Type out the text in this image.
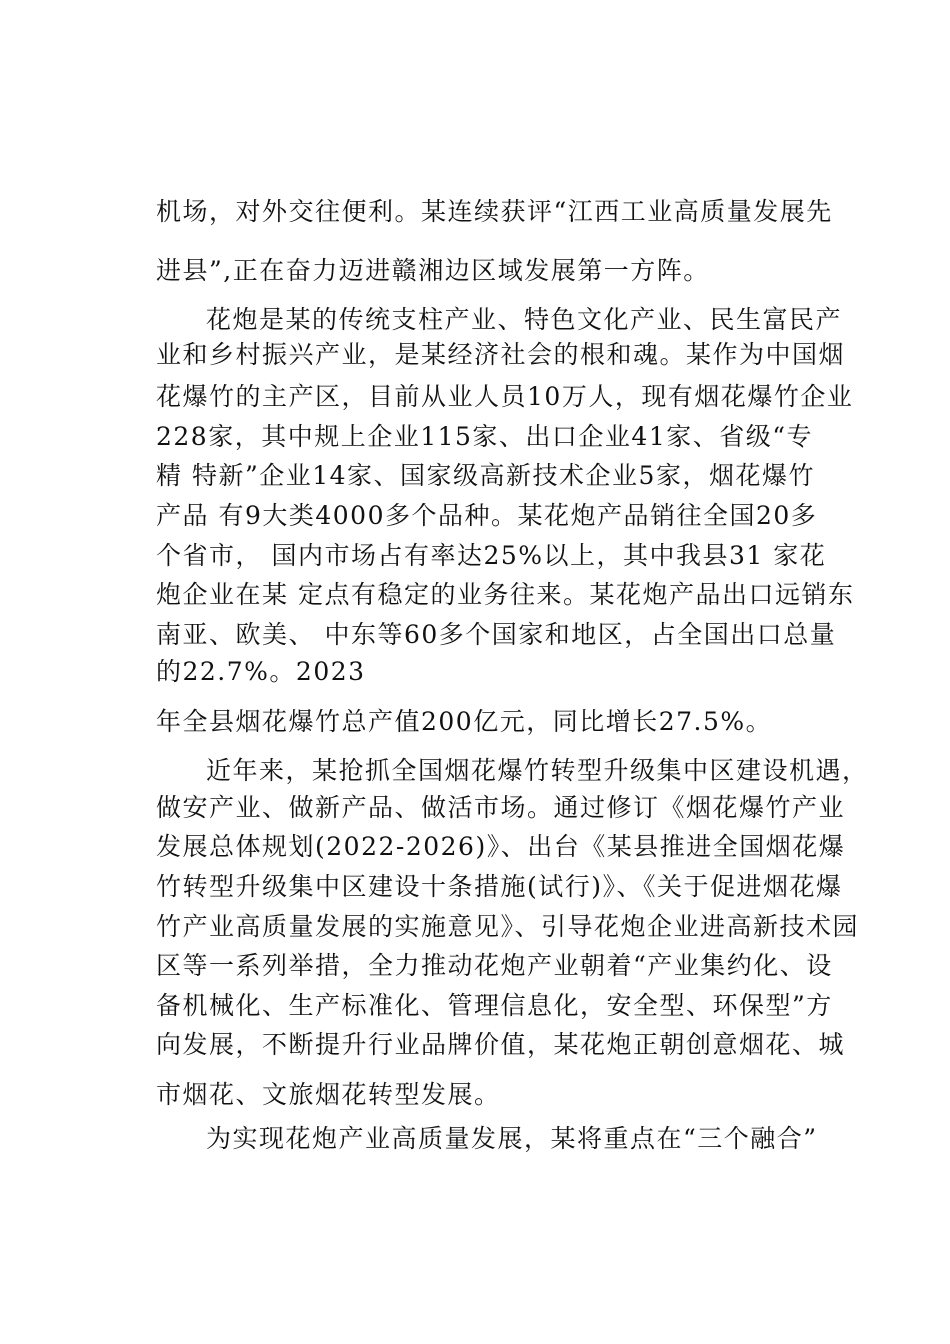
机场，对外交往便利。某连续获评“江西工业高质量发展先
进县”,正在奋力迈进赣湘边区域发展第一方阵。
花炮是某的传统支柱产业、特色文化产业、民生富民产
业和乡村振兴产业，是某经济社会的根和魂。某作为中国烟
花爆竹的主产区，目前从业人员10万人，现有烟花爆竹企业
228家，其中规上企业115家、出口企业41家、省级“专
精 特新”企业14家、国家级高新技术企业5家，烟花爆竹
产品 有9大类4000多个品种。某花炮产品销往全国20多
个省市， 国内市场占有率达25%以上，其中我县31 家花
炮企业在某 定点有稳定的业务往来。某花炮产品出口远销东
南亚、欧美、 中东等60多个国家和地区，占全国出口总量
的22.7%。2023
年全县烟花爆竹总产值200亿元，同比增长27.5%。
近年来，某抢抓全国烟花爆竹转型升级集中区建设机遇，
做安产业、做新产品、做活市场。通过修订《烟花爆竹产业
发展总体规划(2022-2026)》、出台《某县推进全国烟花爆
竹转型升级集中区建设十条措施(试行)》、《关于促进烟花爆
竹产业高质量发展的实施意见》、引导花炮企业进高新技术园
区等一系列举措，全力推动花炮产业朝着“产业集约化、设
备机械化、生产标准化、管理信息化，安全型、环保型”方
向发展，不断提升行业品牌价值，某花炮正朝创意烟花、城
市烟花、文旅烟花转型发展。
为实现花炮产业高质量发展，某将重点在“三个融合”
